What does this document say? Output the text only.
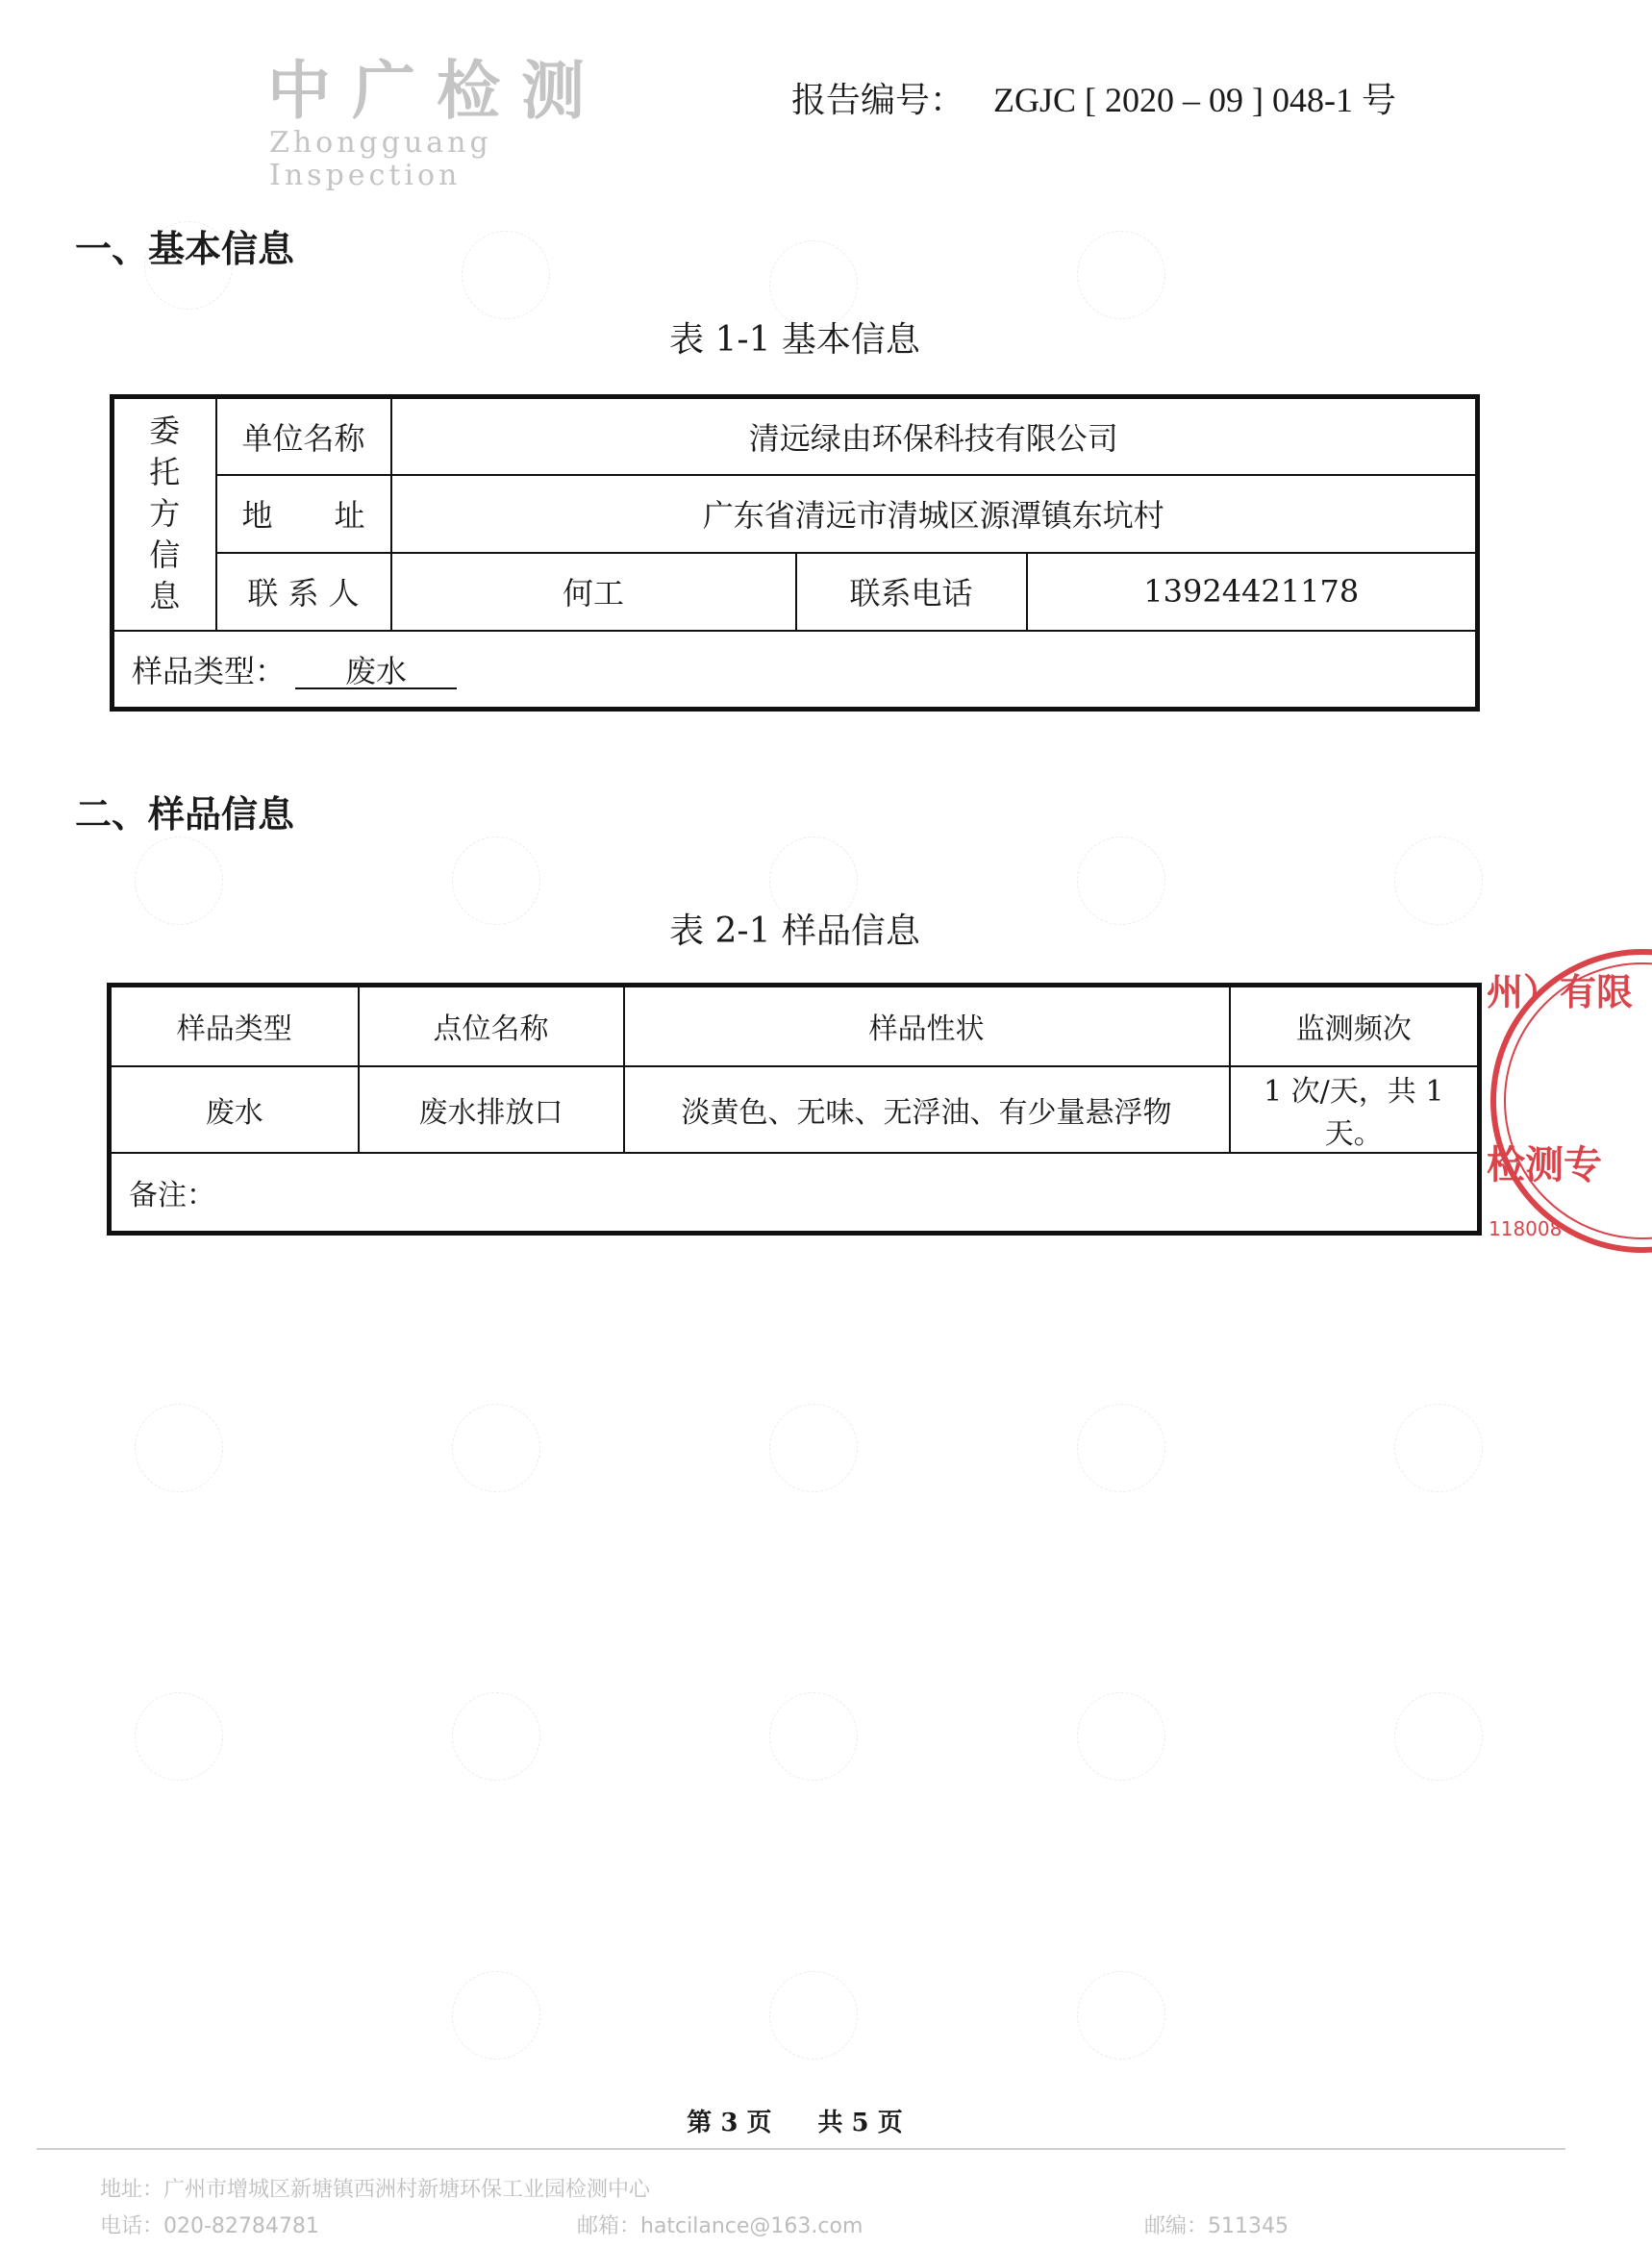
中广检测
Zhongguang Inspection
报告编号： ZGJC [ 2020 – 09 ] 048-1 号
一、基本信息
表 1-1 基本信息
委
托
方
信
息	单位名称	清远绿由环保科技有限公司		
	地　　址	广东省清远市清城区源潭镇东坑村		
	联 系 人	何工	联系电话	13924421178
样品类型： 废水				
二、样品信息
表 2-1 样品信息
样品类型	点位名称	样品性状	监测频次
废水	废水排放口	淡黄色、无味、无浮油、有少量悬浮物	1 次/天，共 1 天。
备注：			
州）有限
检测专
118008
第 3 页 共 5 页
地址：广州市增城区新塘镇西洲村新塘环保工业园检测中心
电话：020-82784781	邮箱：hatcilance@163.com	邮编：511345
